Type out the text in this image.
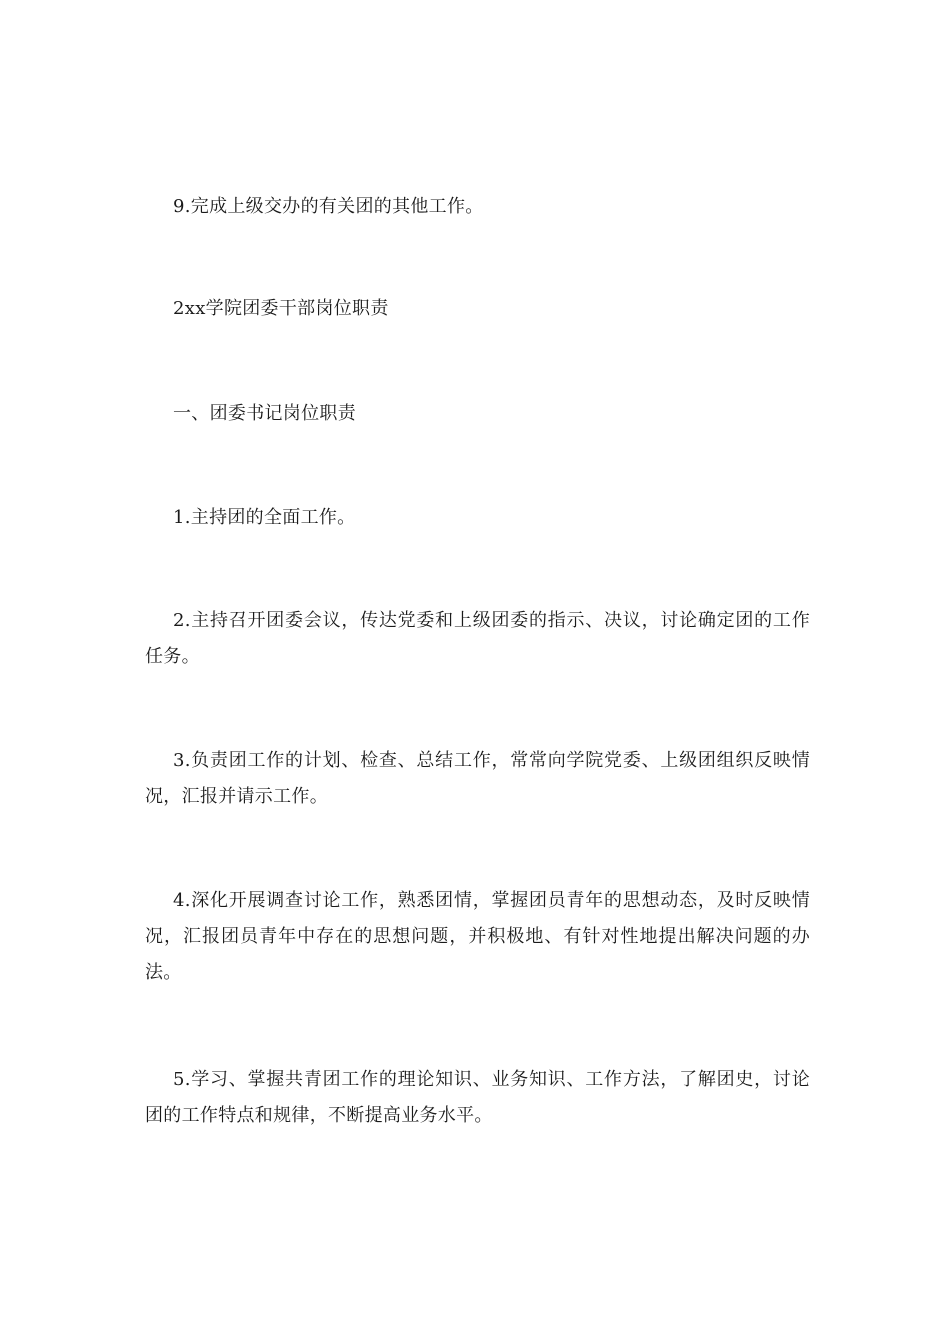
9.完成上级交办的有关团的其他工作。

2xx学院团委干部岗位职责

一、团委书记岗位职责

1.主持团的全面工作。

2.主持召开团委会议，传达党委和上级团委的指示、决议，讨论确定团的工作任务。

3.负责团工作的计划、检查、总结工作，常常向学院党委、上级团组织反映情况，汇报并请示工作。

4.深化开展调查讨论工作，熟悉团情，掌握团员青年的思想动态，及时反映情况，汇报团员青年中存在的思想问题，并积极地、有针对性地提出解决问题的办法。

5.学习、掌握共青团工作的理论知识、业务知识、工作方法，了解团史，讨论团的工作特点和规律，不断提高业务水平。
